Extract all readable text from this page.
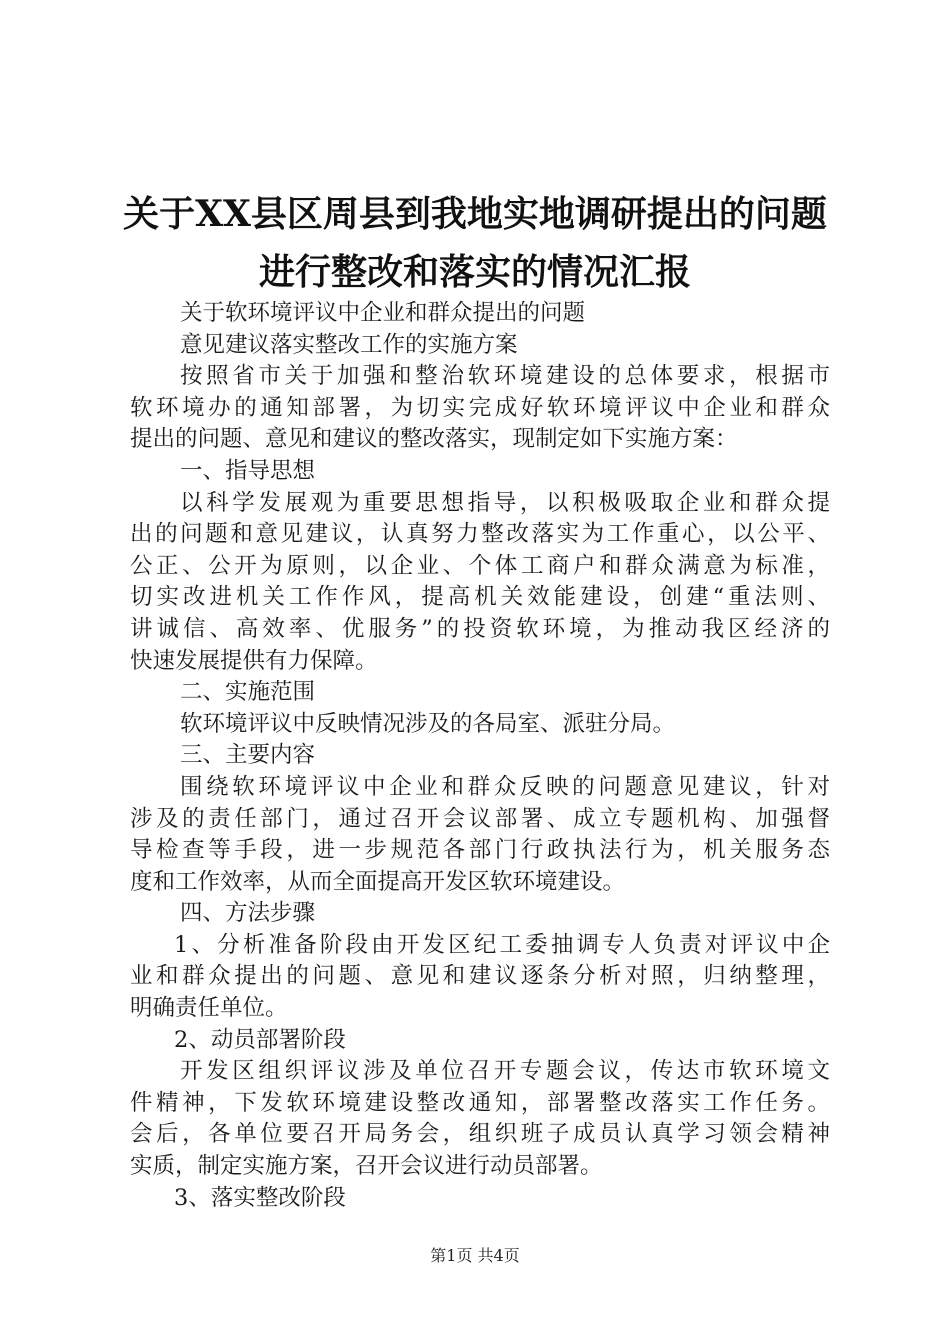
关于XX县区周县到我地实地调研提出的问题
进行整改和落实的情况汇报
关于软环境评议中企业和群众提出的问题
意见建议落实整改工作的实施方案
按照省市关于加强和整治软环境建设的总体要求，根据市
软环境办的通知部署，为切实完成好软环境评议中企业和群众
提出的问题、意见和建议的整改落实，现制定如下实施方案：
一、指导思想
以科学发展观为重要思想指导，以积极吸取企业和群众提
出的问题和意见建议，认真努力整改落实为工作重心，以公平、
公正、公开为原则，以企业、个体工商户和群众满意为标准，
切实改进机关工作作风，提高机关效能建设，创建“重法则、
讲诚信、高效率、优服务”的投资软环境，为推动我区经济的
快速发展提供有力保障。
二、实施范围
软环境评议中反映情况涉及的各局室、派驻分局。
三、主要内容
围绕软环境评议中企业和群众反映的问题意见建议，针对
涉及的责任部门，通过召开会议部署、成立专题机构、加强督
导检查等手段，进一步规范各部门行政执法行为，机关服务态
度和工作效率，从而全面提高开发区软环境建设。
四、方法步骤
1、分析准备阶段由开发区纪工委抽调专人负责对评议中企
业和群众提出的问题、意见和建议逐条分析对照，归纳整理，
明确责任单位。
2、动员部署阶段
开发区组织评议涉及单位召开专题会议，传达市软环境文
件精神，下发软环境建设整改通知，部署整改落实工作任务。
会后，各单位要召开局务会，组织班子成员认真学习领会精神
实质，制定实施方案，召开会议进行动员部署。
3、落实整改阶段
第1页 共4页
